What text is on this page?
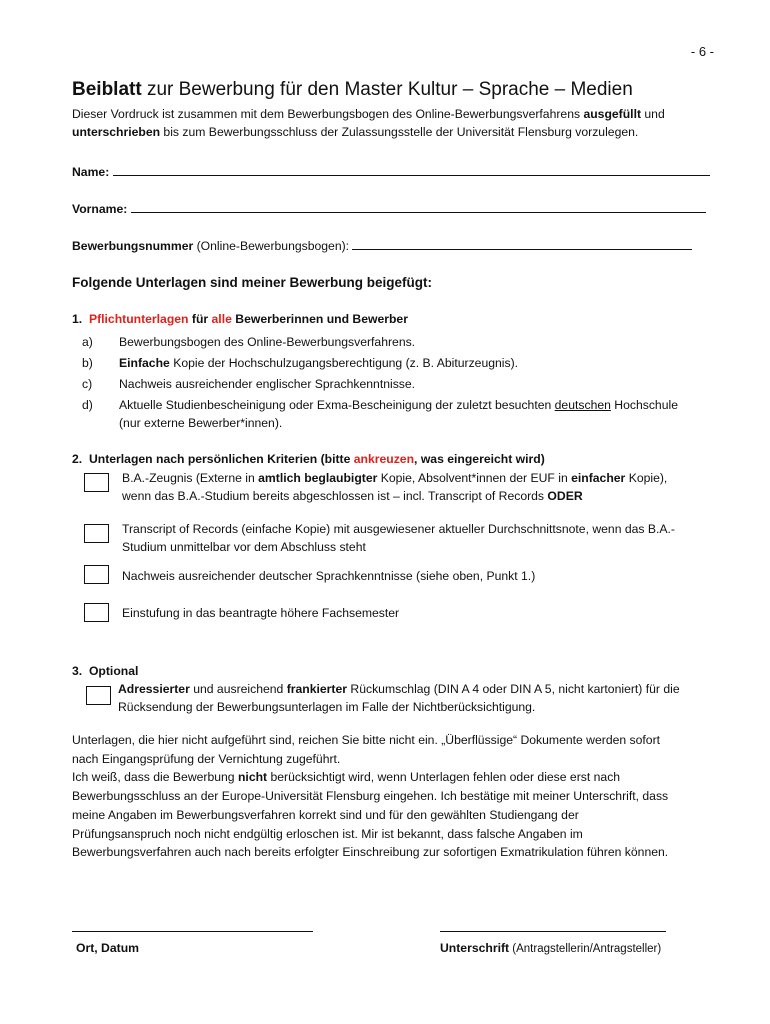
- 6 -
Beiblatt zur Bewerbung für den Master Kultur – Sprache – Medien
Dieser Vordruck ist zusammen mit dem Bewerbungsbogen des Online-Bewerbungsverfahrens ausgefüllt und
unterschrieben bis zum Bewerbungsschluss der Zulassungsstelle der Universität Flensburg vorzulegen.
Name:
Vorname:
Bewerbungsnummer (Online-Bewerbungsbogen):
Folgende Unterlagen sind meiner Bewerbung beigefügt:
1. Pflichtunterlagen für alle Bewerberinnen und Bewerber
a) Bewerbungsbogen des Online-Bewerbungsverfahrens.
b) Einfache Kopie der Hochschulzugangsberechtigung (z. B. Abiturzeugnis).
c) Nachweis ausreichender englischer Sprachkenntnisse.
d) Aktuelle Studienbescheinigung oder Exma-Bescheinigung der zuletzt besuchten deutschen Hochschule
(nur externe Bewerber*innen).
2. Unterlagen nach persönlichen Kriterien (bitte ankreuzen, was eingereicht wird)
B.A.-Zeugnis (Externe in amtlich beglaubigter Kopie, Absolvent*innen der EUF in einfacher Kopie),
wenn das B.A.-Studium bereits abgeschlossen ist – incl. Transcript of Records ODER
Transcript of Records (einfache Kopie) mit ausgewiesener aktueller Durchschnittsnote, wenn das B.A.-
Studium unmittelbar vor dem Abschluss steht
Nachweis ausreichender deutscher Sprachkenntnisse (siehe oben, Punkt 1.)
Einstufung in das beantragte höhere Fachsemester
3. Optional
Adressierter und ausreichend frankierter Rückumschlag (DIN A 4 oder DIN A 5, nicht kartoniert) für die
Rücksendung der Bewerbungsunterlagen im Falle der Nichtberücksichtigung.
Unterlagen, die hier nicht aufgeführt sind, reichen Sie bitte nicht ein. „Überflüssige“ Dokumente werden sofort
nach Eingangsprüfung der Vernichtung zugeführt.
Ich weiß, dass die Bewerbung nicht berücksichtigt wird, wenn Unterlagen fehlen oder diese erst nach
Bewerbungsschluss an der Europe-Universität Flensburg eingehen. Ich bestätige mit meiner Unterschrift, dass
meine Angaben im Bewerbungsverfahren korrekt sind und für den gewählten Studiengang der
Prüfungsanspruch noch nicht endgültig erloschen ist. Mir ist bekannt, dass falsche Angaben im
Bewerbungsverfahren auch nach bereits erfolgter Einschreibung zur sofortigen Exmatrikulation führen können.
Ort, Datum	Unterschrift (Antragstellerin/Antragsteller)
